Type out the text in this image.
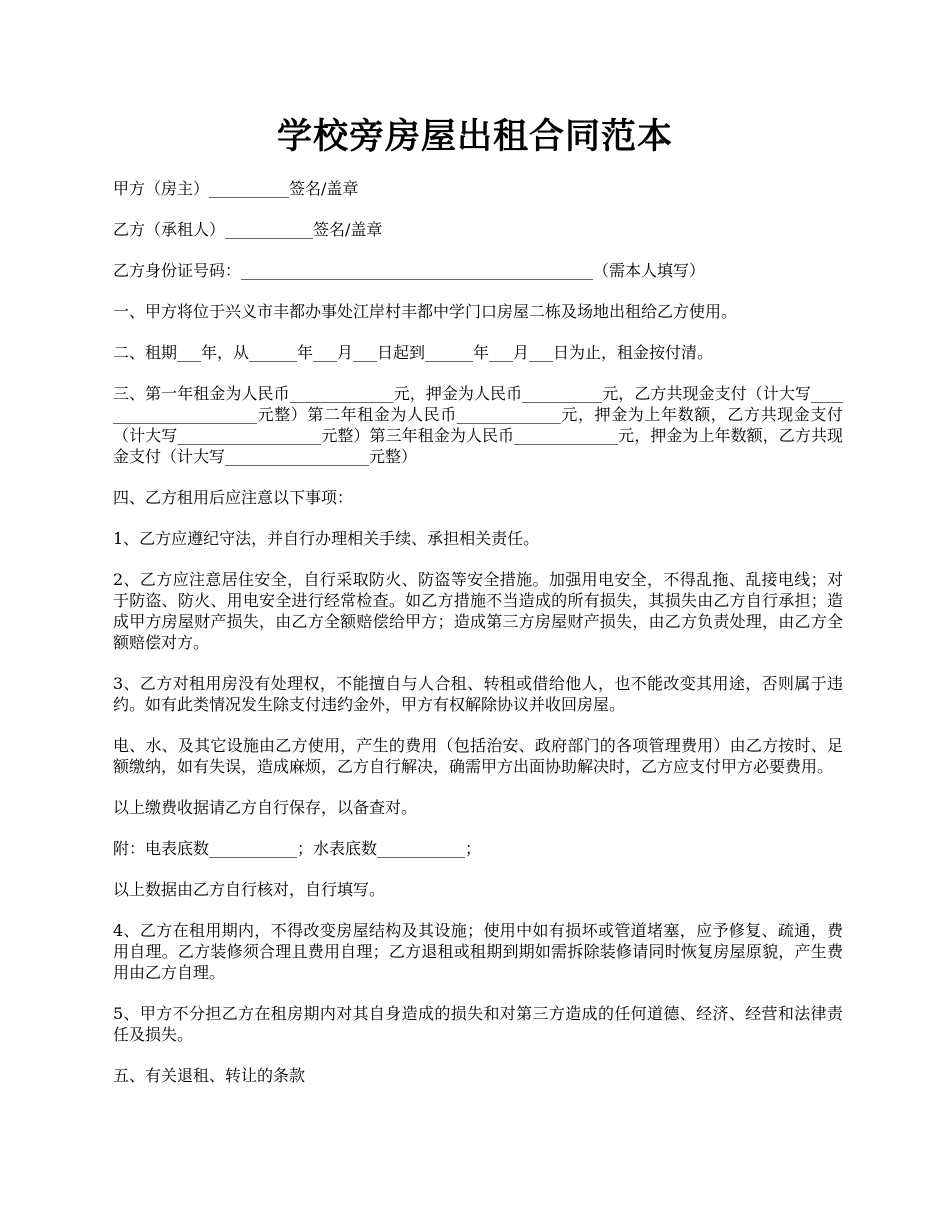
学校旁房屋出租合同范本

甲方（房主）__________签名/盖章

乙方（承租人）___________签名/盖章

乙方身份证号码：____________________________________________（需本人填写）

一、甲方将位于兴义市丰都办事处江岸村丰都中学门口房屋二栋及场地出租给乙方使用。

二、租期___年，从______年___月___日起到______年___月___日为止，租金按付清。

三、第一年租金为人民币_____________元，押金为人民币__________元，乙方共现金支付（计大写______________________元整）第二年租金为人民币_____________元，押金为上年数额，乙方共现金支付（计大写__________________元整）第三年租金为人民币_____________元，押金为上年数额，乙方共现金支付（计大写__________________元整）

四、乙方租用后应注意以下事项：

1、乙方应遵纪守法，并自行办理相关手续、承担相关责任。

2、乙方应注意居住安全，自行采取防火、防盗等安全措施。加强用电安全，不得乱拖、乱接电线；对于防盗、防火、用电安全进行经常检查。如乙方措施不当造成的所有损失，其损失由乙方自行承担；造成甲方房屋财产损失，由乙方全额赔偿给甲方；造成第三方房屋财产损失，由乙方负责处理，由乙方全额赔偿对方。

3、乙方对租用房没有处理权，不能擅自与人合租、转租或借给他人，也不能改变其用途，否则属于违约。如有此类情况发生除支付违约金外，甲方有权解除协议并收回房屋。

电、水、及其它设施由乙方使用，产生的费用（包括治安、政府部门的各项管理费用）由乙方按时、足额缴纳，如有失误，造成麻烦，乙方自行解决，确需甲方出面协助解决时，乙方应支付甲方必要费用。

以上缴费收据请乙方自行保存，以备查对。

附：电表底数___________；水表底数___________；

以上数据由乙方自行核对，自行填写。

4、乙方在租用期内，不得改变房屋结构及其设施；使用中如有损坏或管道堵塞，应予修复、疏通，费用自理。乙方装修须合理且费用自理；乙方退租或租期到期如需拆除装修请同时恢复房屋原貌，产生费用由乙方自理。

5、甲方不分担乙方在租房期内对其自身造成的损失和对第三方造成的任何道德、经济、经营和法律责任及损失。

五、有关退租、转让的条款
